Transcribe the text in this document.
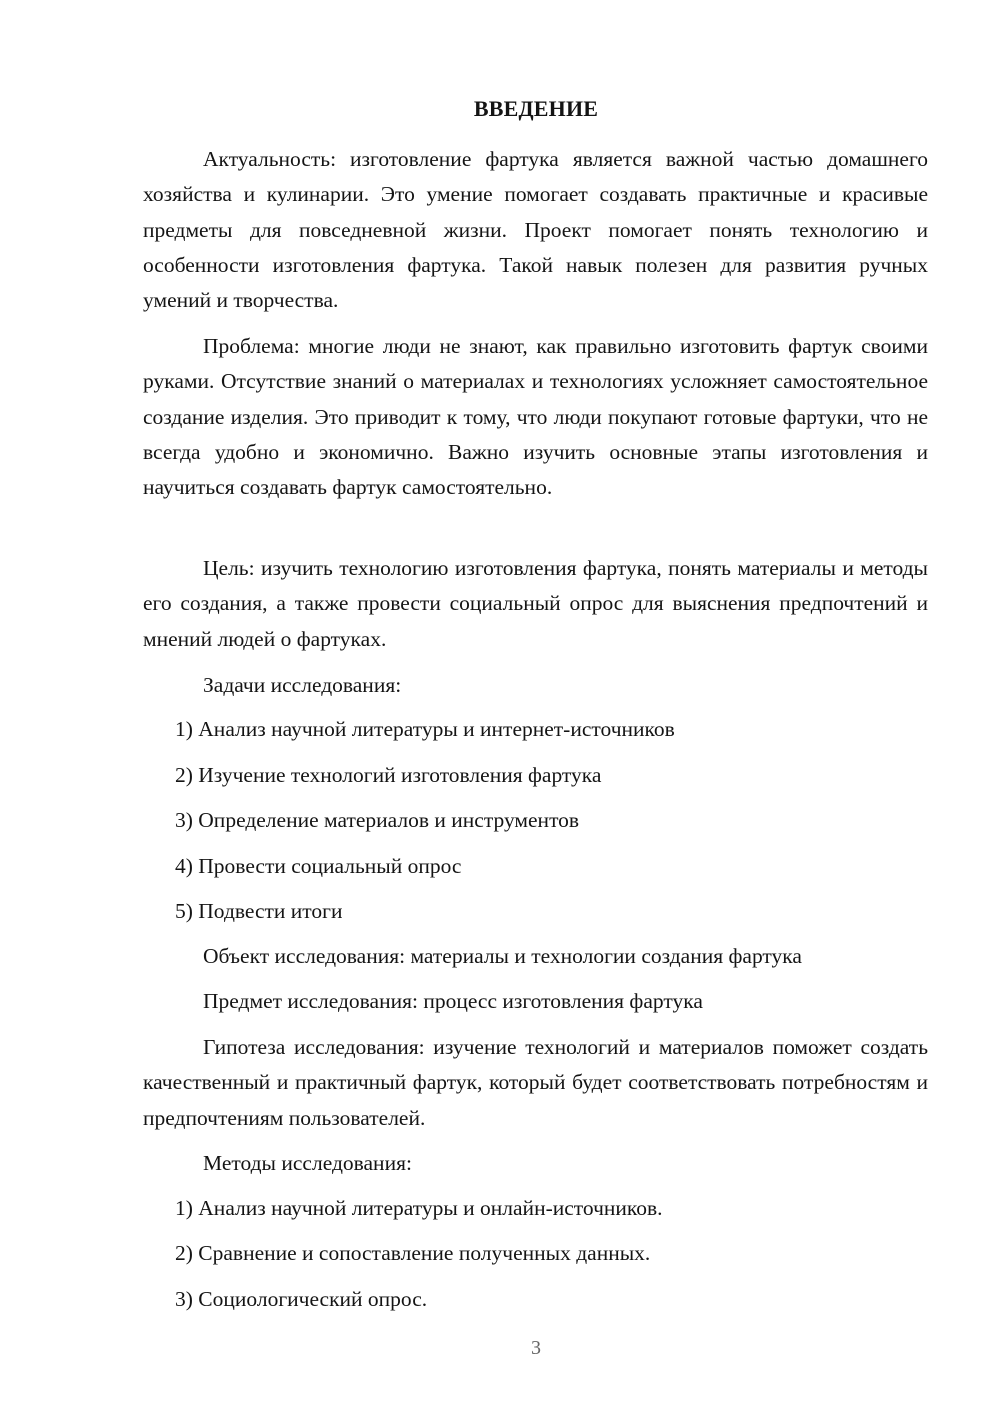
ВВЕДЕНИЕ

Актуальность: изготовление фартука является важной частью домашнего хозяйства и кулинарии. Это умение помогает создавать практичные и красивые предметы для повседневной жизни. Проект помогает понять технологию и особенности изготовления фартука. Такой навык полезен для развития ручных умений и творчества.

Проблема: многие люди не знают, как правильно изготовить фартук своими руками. Отсутствие знаний о материалах и технологиях усложняет самостоятельное создание изделия. Это приводит к тому, что люди покупают готовые фартуки, что не всегда удобно и экономично. Важно изучить основные этапы изготовления и научиться создавать фартук самостоятельно.

Цель: изучить технологию изготовления фартука, понять материалы и методы его создания, а также провести социальный опрос для выяснения предпочтений и мнений людей о фартуках.

Задачи исследования:

1) Анализ научной литературы и интернет-источников
2) Изучение технологий изготовления фартука
3) Определение материалов и инструментов
4) Провести социальный опрос
5) Подвести итоги

Объект исследования: материалы и технологии создания фартука

Предмет исследования: процесс изготовления фартука

Гипотеза исследования: изучение технологий и материалов поможет создать качественный и практичный фартук, который будет соответствовать потребностям и предпочтениям пользователей.

Методы исследования:

1) Анализ научной литературы и онлайн-источников.
2) Сравнение и сопоставление полученных данных.
3) Социологический опрос.
3
